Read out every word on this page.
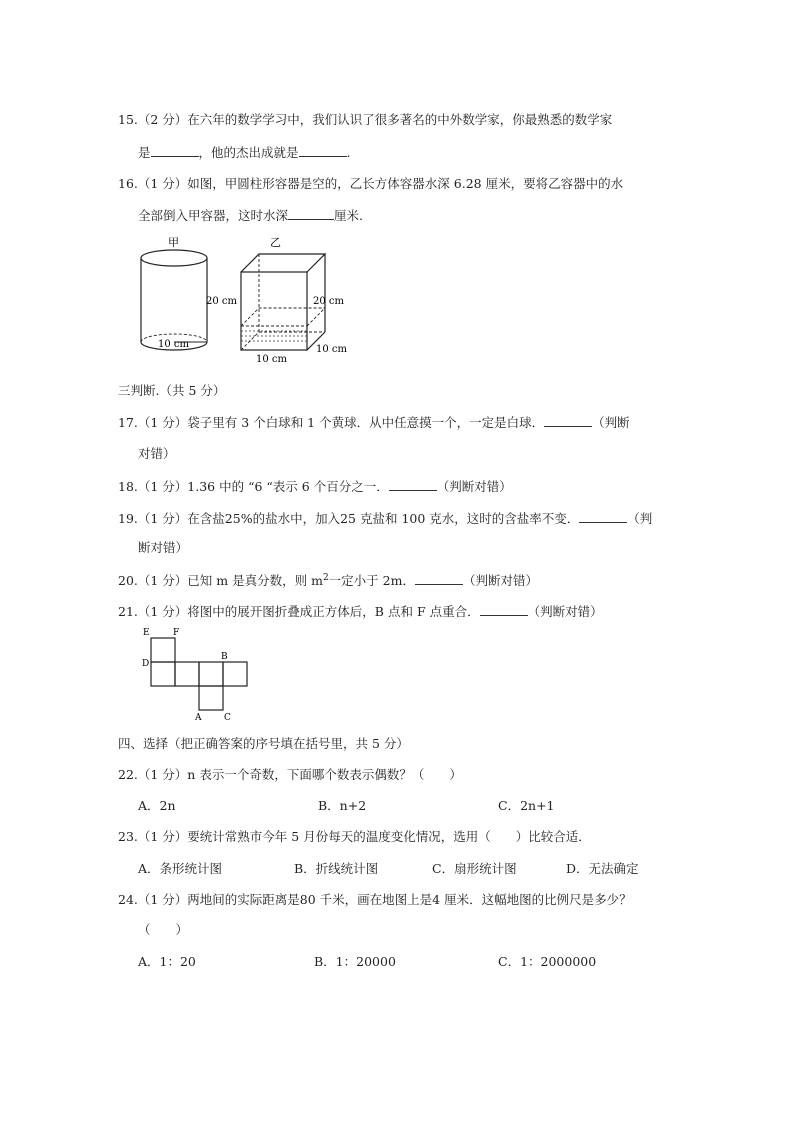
15.（2 分）在六年的数学学习中，我们认识了很多著名的中外数学家，你最熟悉的数学家
是	，他的杰出成就是	.
16.（1 分）如图，甲圆柱形容器是空的，乙长方体容器水深 6.28 厘米，要将乙容器中的水
全部倒入甲容器，这时水深	厘米.
甲
20 cm
10 cm
乙
20 cm
10 cm
10 cm
三判断.（共 5 分）
17.（1 分）袋子里有 3 个白球和 1 个黄球．从中任意摸一个，一定是白球．	（判断
对错）
18.（1 分）1.36 中的 “6 “表示 6 个百分之一．	（判断对错）
19.（1 分）在含盐25%的盐水中，加入25 克盐和 100 克水，这时的含盐率不变．	（判
断对错）
20.（1 分）已知 m 是真分数，则 $m^2$一定小于 2m．	（判断对错）
21.（1 分）将图中的展开图折叠成正方体后，B 点和 F 点重合．	（判断对错）
E	F
D
B
A	C
四、选择（把正确答案的序号填在括号里，共 5 分）
22.（1 分）n 表示一个奇数，下面哪个数表示偶数？（　　）
A．2n	B．n+2	C．2n+1
23.（1 分）要统计常熟市今年 5 月份每天的温度变化情况，选用（　　）比较合适．
A．条形统计图	B．折线统计图	C．扇形统计图	D．无法确定
24.（1 分）两地间的实际距离是80 千米，画在地图上是4 厘米．这幅地图的比例尺是多少？
（　　）
A．1：20	B．1：20000	C．1：2000000
